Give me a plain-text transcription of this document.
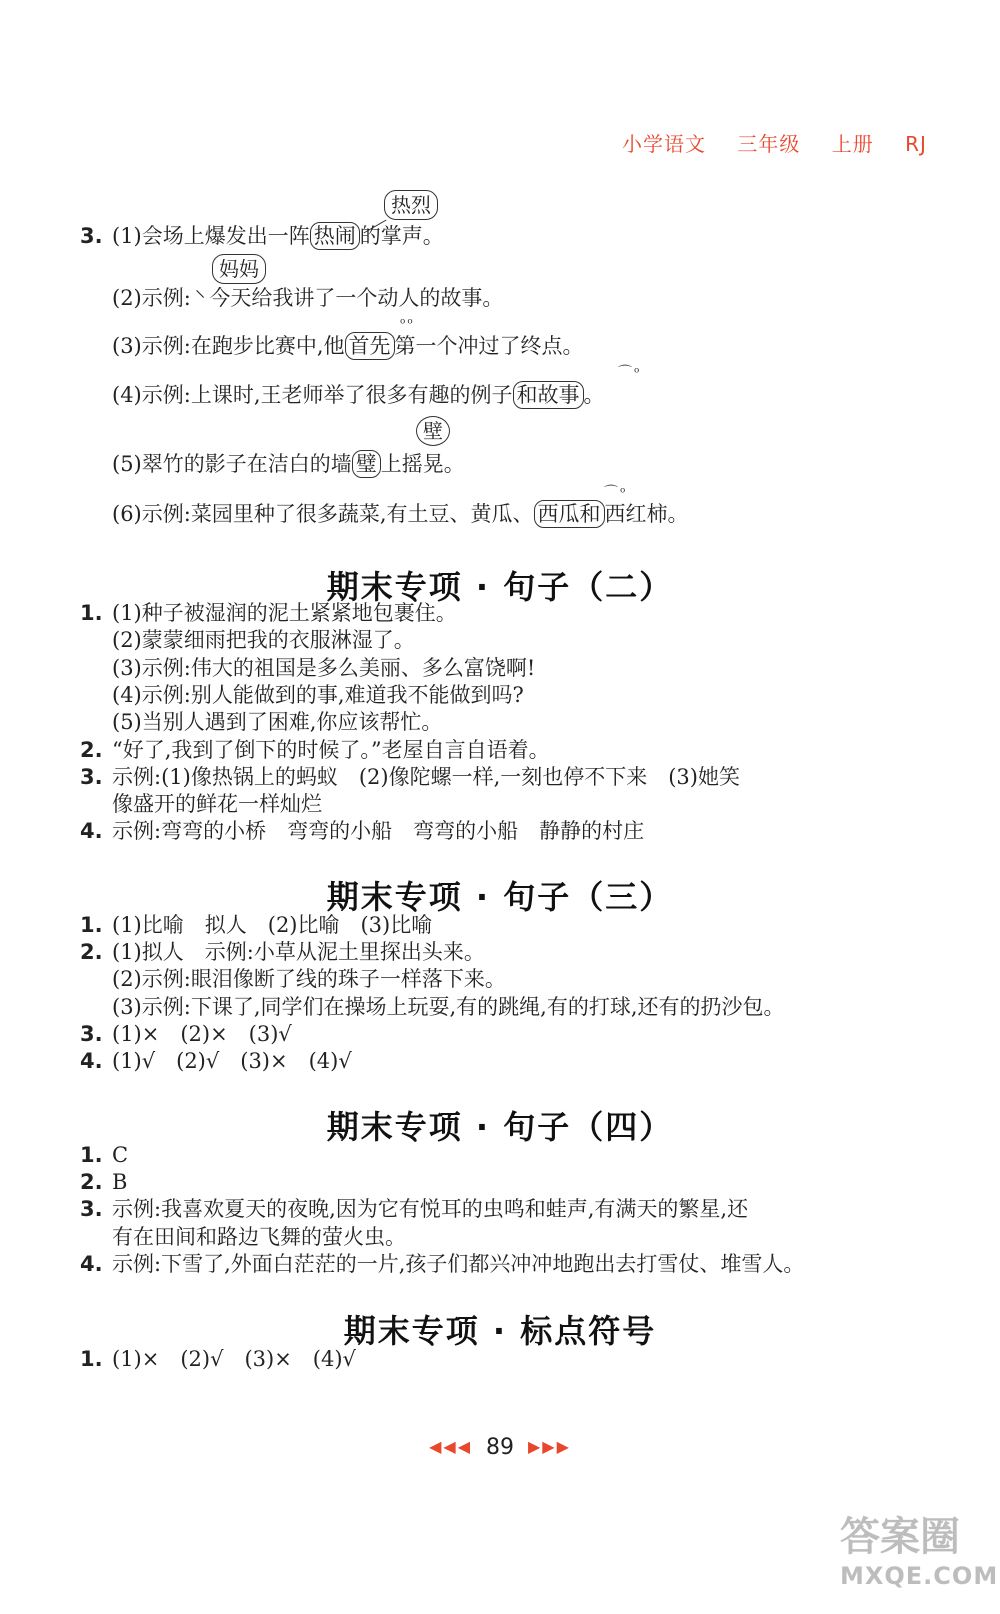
小学语文 三年级 上册 RJ
热烈
3. (1)会场上爆发出一阵 热闹 的掌声。
妈妈
(2)示例: ⸌ 今天给我讲了一个动人的故事。
ᵒᵒ
(3)示例:在跑步比赛中,他 首先 第一个冲过了终点。
⌒ᵒ
(4)示例:上课时,王老师举了很多有趣的例子 和故事 。
壁
(5)翠竹的影子在洁白的墙 璧 上摇晃。
⌒ᵒ
(6)示例:菜园里种了很多蔬菜,有土豆、黄瓜、 西瓜和 西红柿。
期末专项 · 句子（二）
1. (1)种子被湿润的泥土紧紧地包裹住。
(2)蒙蒙细雨把我的衣服淋湿了。
(3)示例:伟大的祖国是多么美丽、多么富饶啊!
(4)示例:别人能做到的事,难道我不能做到吗?
(5)当别人遇到了困难,你应该帮忙。
2. “好了,我到了倒下的时候了。”老屋自言自语着。
3. 示例:(1)像热锅上的蚂蚁　(2)像陀螺一样,一刻也停不下来　(3)她笑
像盛开的鲜花一样灿烂
4. 示例:弯弯的小桥　弯弯的小船　弯弯的小船　静静的村庄
期末专项 · 句子（三）
1. (1)比喻　拟人　(2)比喻　(3)比喻
2. (1)拟人　示例:小草从泥土里探出头来。
(2)示例:眼泪像断了线的珠子一样落下来。
(3)示例:下课了,同学们在操场上玩耍,有的跳绳,有的打球,还有的扔沙包。
3. (1)×　(2)×　(3)√
4. (1)√　(2)√　(3)×　(4)√
期末专项 · 句子（四）
1. C
2. B
3. 示例:我喜欢夏天的夜晚,因为它有悦耳的虫鸣和蛙声,有满天的繁星,还
有在田间和路边飞舞的萤火虫。
4. 示例:下雪了,外面白茫茫的一片,孩子们都兴冲冲地跑出去打雪仗、堆雪人。
期末专项 · 标点符号
1. (1)×　(2)√　(3)×　(4)√
◀◀◀ 89 ▶▶▶
答案圈
MXQE.COM
